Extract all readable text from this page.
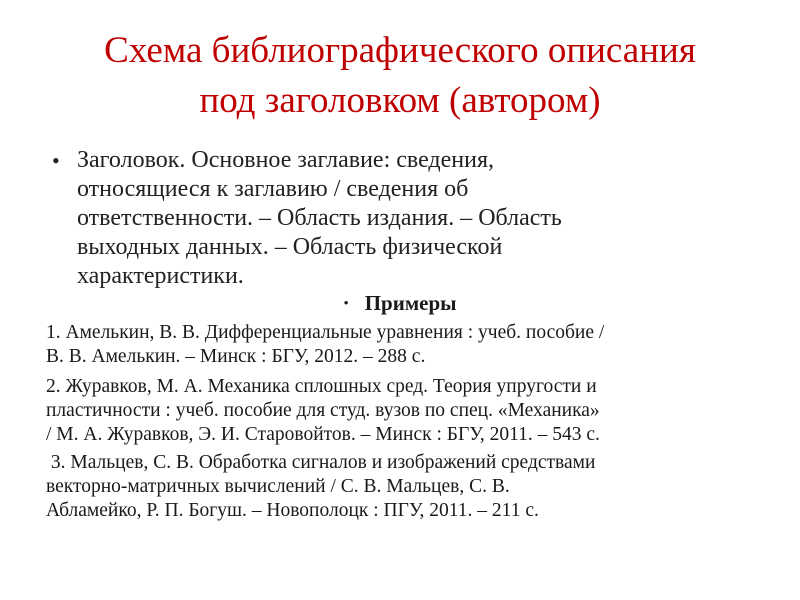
Схема библиографического описания
под заголовком (автором)
• Заголовок. Основное заглавие: сведения,
относящиеся к заглавию / сведения об
ответственности. – Область издания. – Область
выходных данных. – Область физической
характеристики.
• Примеры
1. Амелькин, В. В. Дифференциальные уравнения : учеб. пособие /
В. В. Амелькин. – Минск : БГУ, 2012. – 288 с.
2. Журавков, М. А. Механика сплошных сред. Теория упругости и
пластичности : учеб. пособие для студ. вузов по спец. «Механика»
/ М. А. Журавков, Э. И. Старовойтов. – Минск : БГУ, 2011. – 543 с.
3. Мальцев, С. В. Обработка сигналов и изображений средствами
векторно-матричных вычислений / С. В. Мальцев, С. В.
Абламейко, Р. П. Богуш. – Новополоцк : ПГУ, 2011. – 211 с.
